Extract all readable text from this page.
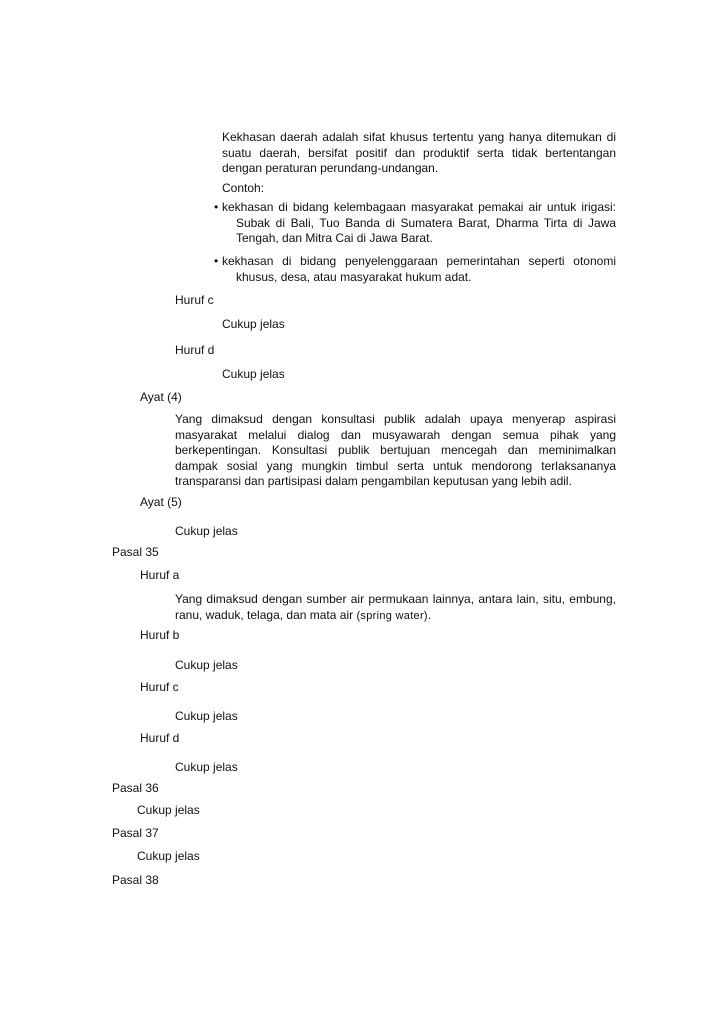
Kekhasan daerah adalah sifat khusus tertentu yang hanya ditemukan di suatu daerah, bersifat positif dan produktif serta tidak bertentangan dengan peraturan perundang-undangan.
Contoh:
• kekhasan di bidang kelembagaan masyarakat pemakai air untuk irigasi: Subak di Bali, Tuo Banda di Sumatera Barat, Dharma Tirta di Jawa Tengah, dan Mitra Cai di Jawa Barat.
• kekhasan di bidang penyelenggaraan pemerintahan seperti otonomi khusus, desa, atau masyarakat hukum adat.
Huruf c
Cukup jelas
Huruf d
Cukup jelas
Ayat (4)
Yang dimaksud dengan konsultasi publik adalah upaya menyerap aspirasi masyarakat melalui dialog dan musyawarah dengan semua pihak yang berkepentingan. Konsultasi publik bertujuan mencegah dan meminimalkan dampak sosial yang mungkin timbul serta untuk mendorong terlaksananya transparansi dan partisipasi dalam pengambilan keputusan yang lebih adil.
Ayat (5)
Cukup jelas
Pasal 35
Huruf a
Yang dimaksud dengan sumber air permukaan lainnya, antara lain, situ, embung, ranu, waduk, telaga, dan mata air (spring water).
Huruf b
Cukup jelas
Huruf c
Cukup jelas
Huruf d
Cukup jelas
Pasal 36
Cukup jelas
Pasal 37
Cukup jelas
Pasal 38
